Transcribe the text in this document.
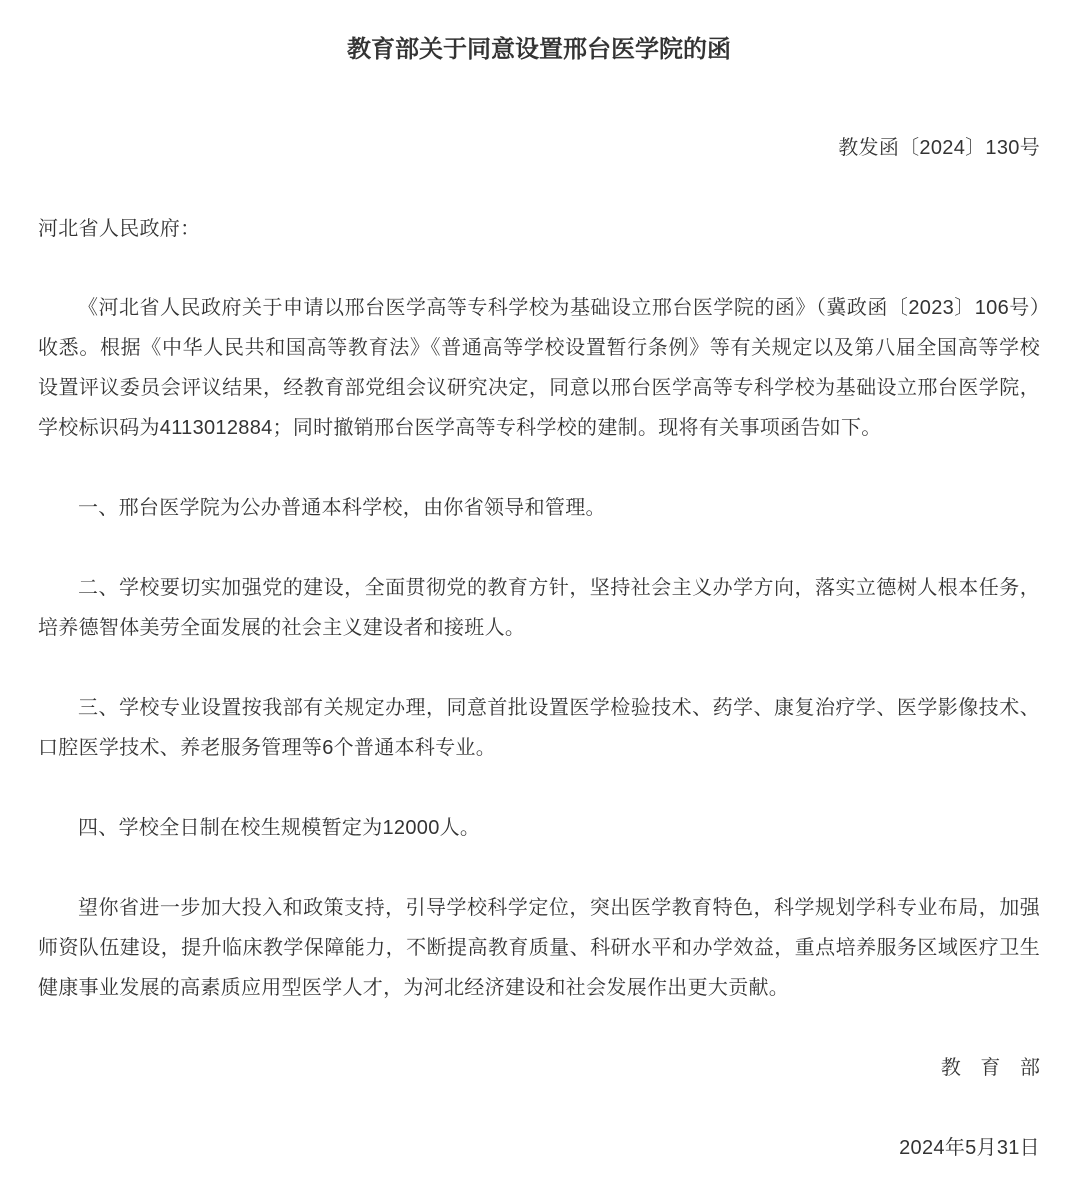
教育部关于同意设置邢台医学院的函

教发函〔2024〕130号

河北省人民政府：

《河北省人民政府关于申请以邢台医学高等专科学校为基础设立邢台医学院的函》（冀政函〔2023〕106号）收悉。根据《中华人民共和国高等教育法》《普通高等学校设置暂行条例》等有关规定以及第八届全国高等学校设置评议委员会评议结果，经教育部党组会议研究决定，同意以邢台医学高等专科学校为基础设立邢台医学院，学校标识码为4113012884；同时撤销邢台医学高等专科学校的建制。现将有关事项函告如下。

一、邢台医学院为公办普通本科学校，由你省领导和管理。

二、学校要切实加强党的建设，全面贯彻党的教育方针，坚持社会主义办学方向，落实立德树人根本任务，培养德智体美劳全面发展的社会主义建设者和接班人。

三、学校专业设置按我部有关规定办理，同意首批设置医学检验技术、药学、康复治疗学、医学影像技术、口腔医学技术、养老服务管理等6个普通本科专业。

四、学校全日制在校生规模暂定为12000人。

望你省进一步加大投入和政策支持，引导学校科学定位，突出医学教育特色，科学规划学科专业布局，加强师资队伍建设，提升临床教学保障能力，不断提高教育质量、科研水平和办学效益，重点培养服务区域医疗卫生健康事业发展的高素质应用型医学人才，为河北经济建设和社会发展作出更大贡献。

教 育 部

2024年5月31日
